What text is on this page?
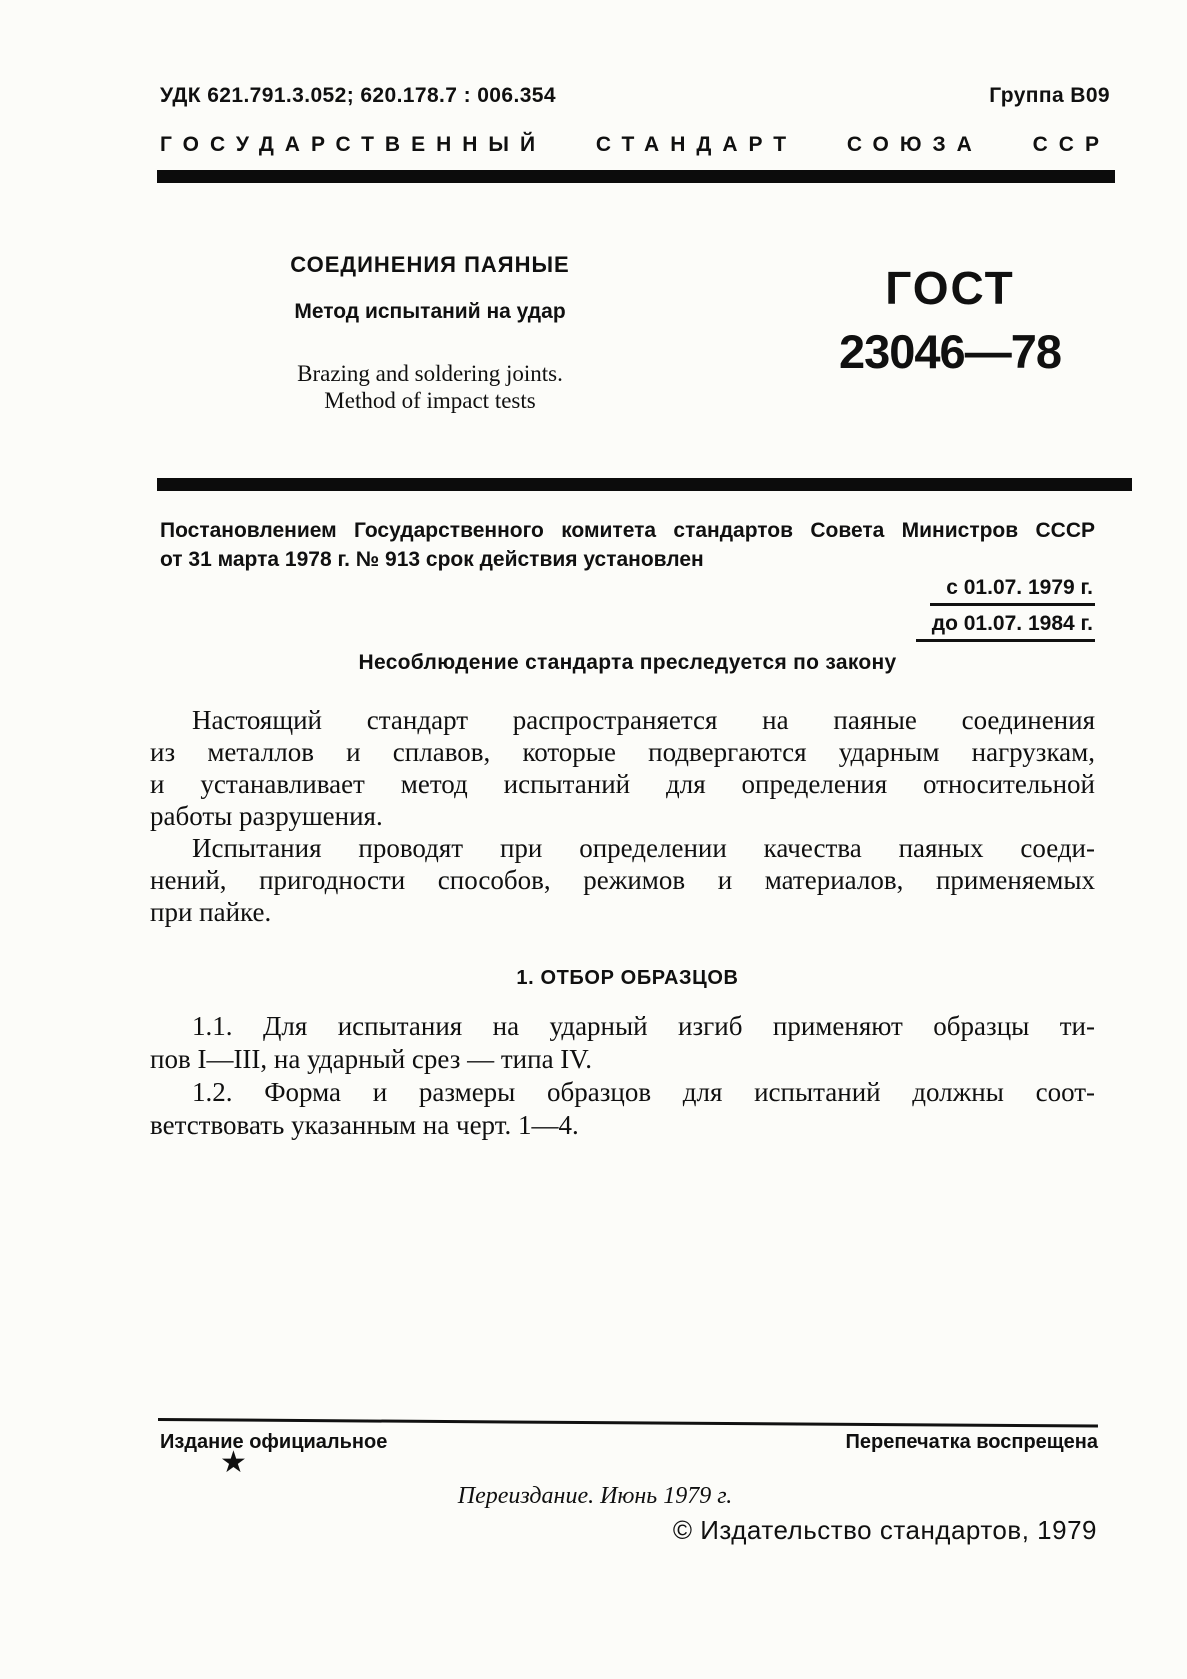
УДК 621.791.3.052; 620.178.7 : 006.354	Группа В09
ГОСУДАРСТВЕННЫЙ СТАНДАРТ СОЮЗА ССР
СОЕДИНЕНИЯ ПАЯНЫЕ
Метод испытаний на удар
Brazing and soldering joints.
Method of impact tests
ГОСТ
23046—78
Постановлением Государственного комитета стандартов Совета Министров СССР
от 31 марта 1978 г. № 913 срок действия установлен
с 01.07. 1979 г.
до 01.07. 1984 г.
Несоблюдение стандарта преследуется по закону
Настоящий стандарт распространяется на паяные соединения
из металлов и сплавов, которые подвергаются ударным нагрузкам,
и устанавливает метод испытаний для определения относительной
работы разрушения.
Испытания проводят при определении качества паяных соеди-
нений, пригодности способов, режимов и материалов, применяемых
при пайке.
1. ОТБОР ОБРАЗЦОВ
1.1. Для испытания на ударный изгиб применяют образцы ти-
пов I—III, на ударный срез — типа IV.
1.2. Форма и размеры образцов для испытаний должны соот-
ветствовать указанным на черт. 1—4.
Издание официальное	Перепечатка воспрещена
★
Переиздание. Июнь 1979 г.
© Издательство стандартов, 1979
